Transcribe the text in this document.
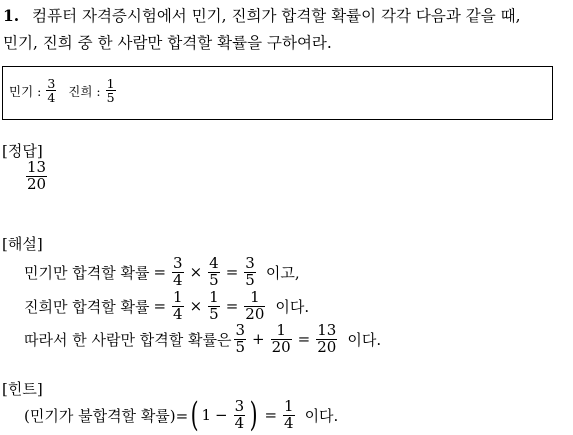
1. 컴퓨터 자격증시험에서 민기, 진희가 합격할 확률이 각각 다음과 같을 때,
민기, 진희 중 한 사람만 합격할 확률을 구하여라.
민기 : $\frac{3}{4}$ 진희 : $\frac{1}{5}$
[정답]
$\frac{13}{20}$
[해설]
민기만 합격할 확률 = $\frac{3}{4} \times \frac{4}{5} = \frac{3}{5}$ 이고,
진희만 합격할 확률 = $\frac{1}{4} \times \frac{1}{5} = \frac{1}{20}$ 이다.
따라서 한 사람만 합격할 확률은 $\frac{3}{5} + \frac{1}{20} = \frac{13}{20}$ 이다.
[힌트]
(민기가 불합격할 확률)= ( $1 - \frac{3}{4}$ ) = $\frac{1}{4}$ 이다.
